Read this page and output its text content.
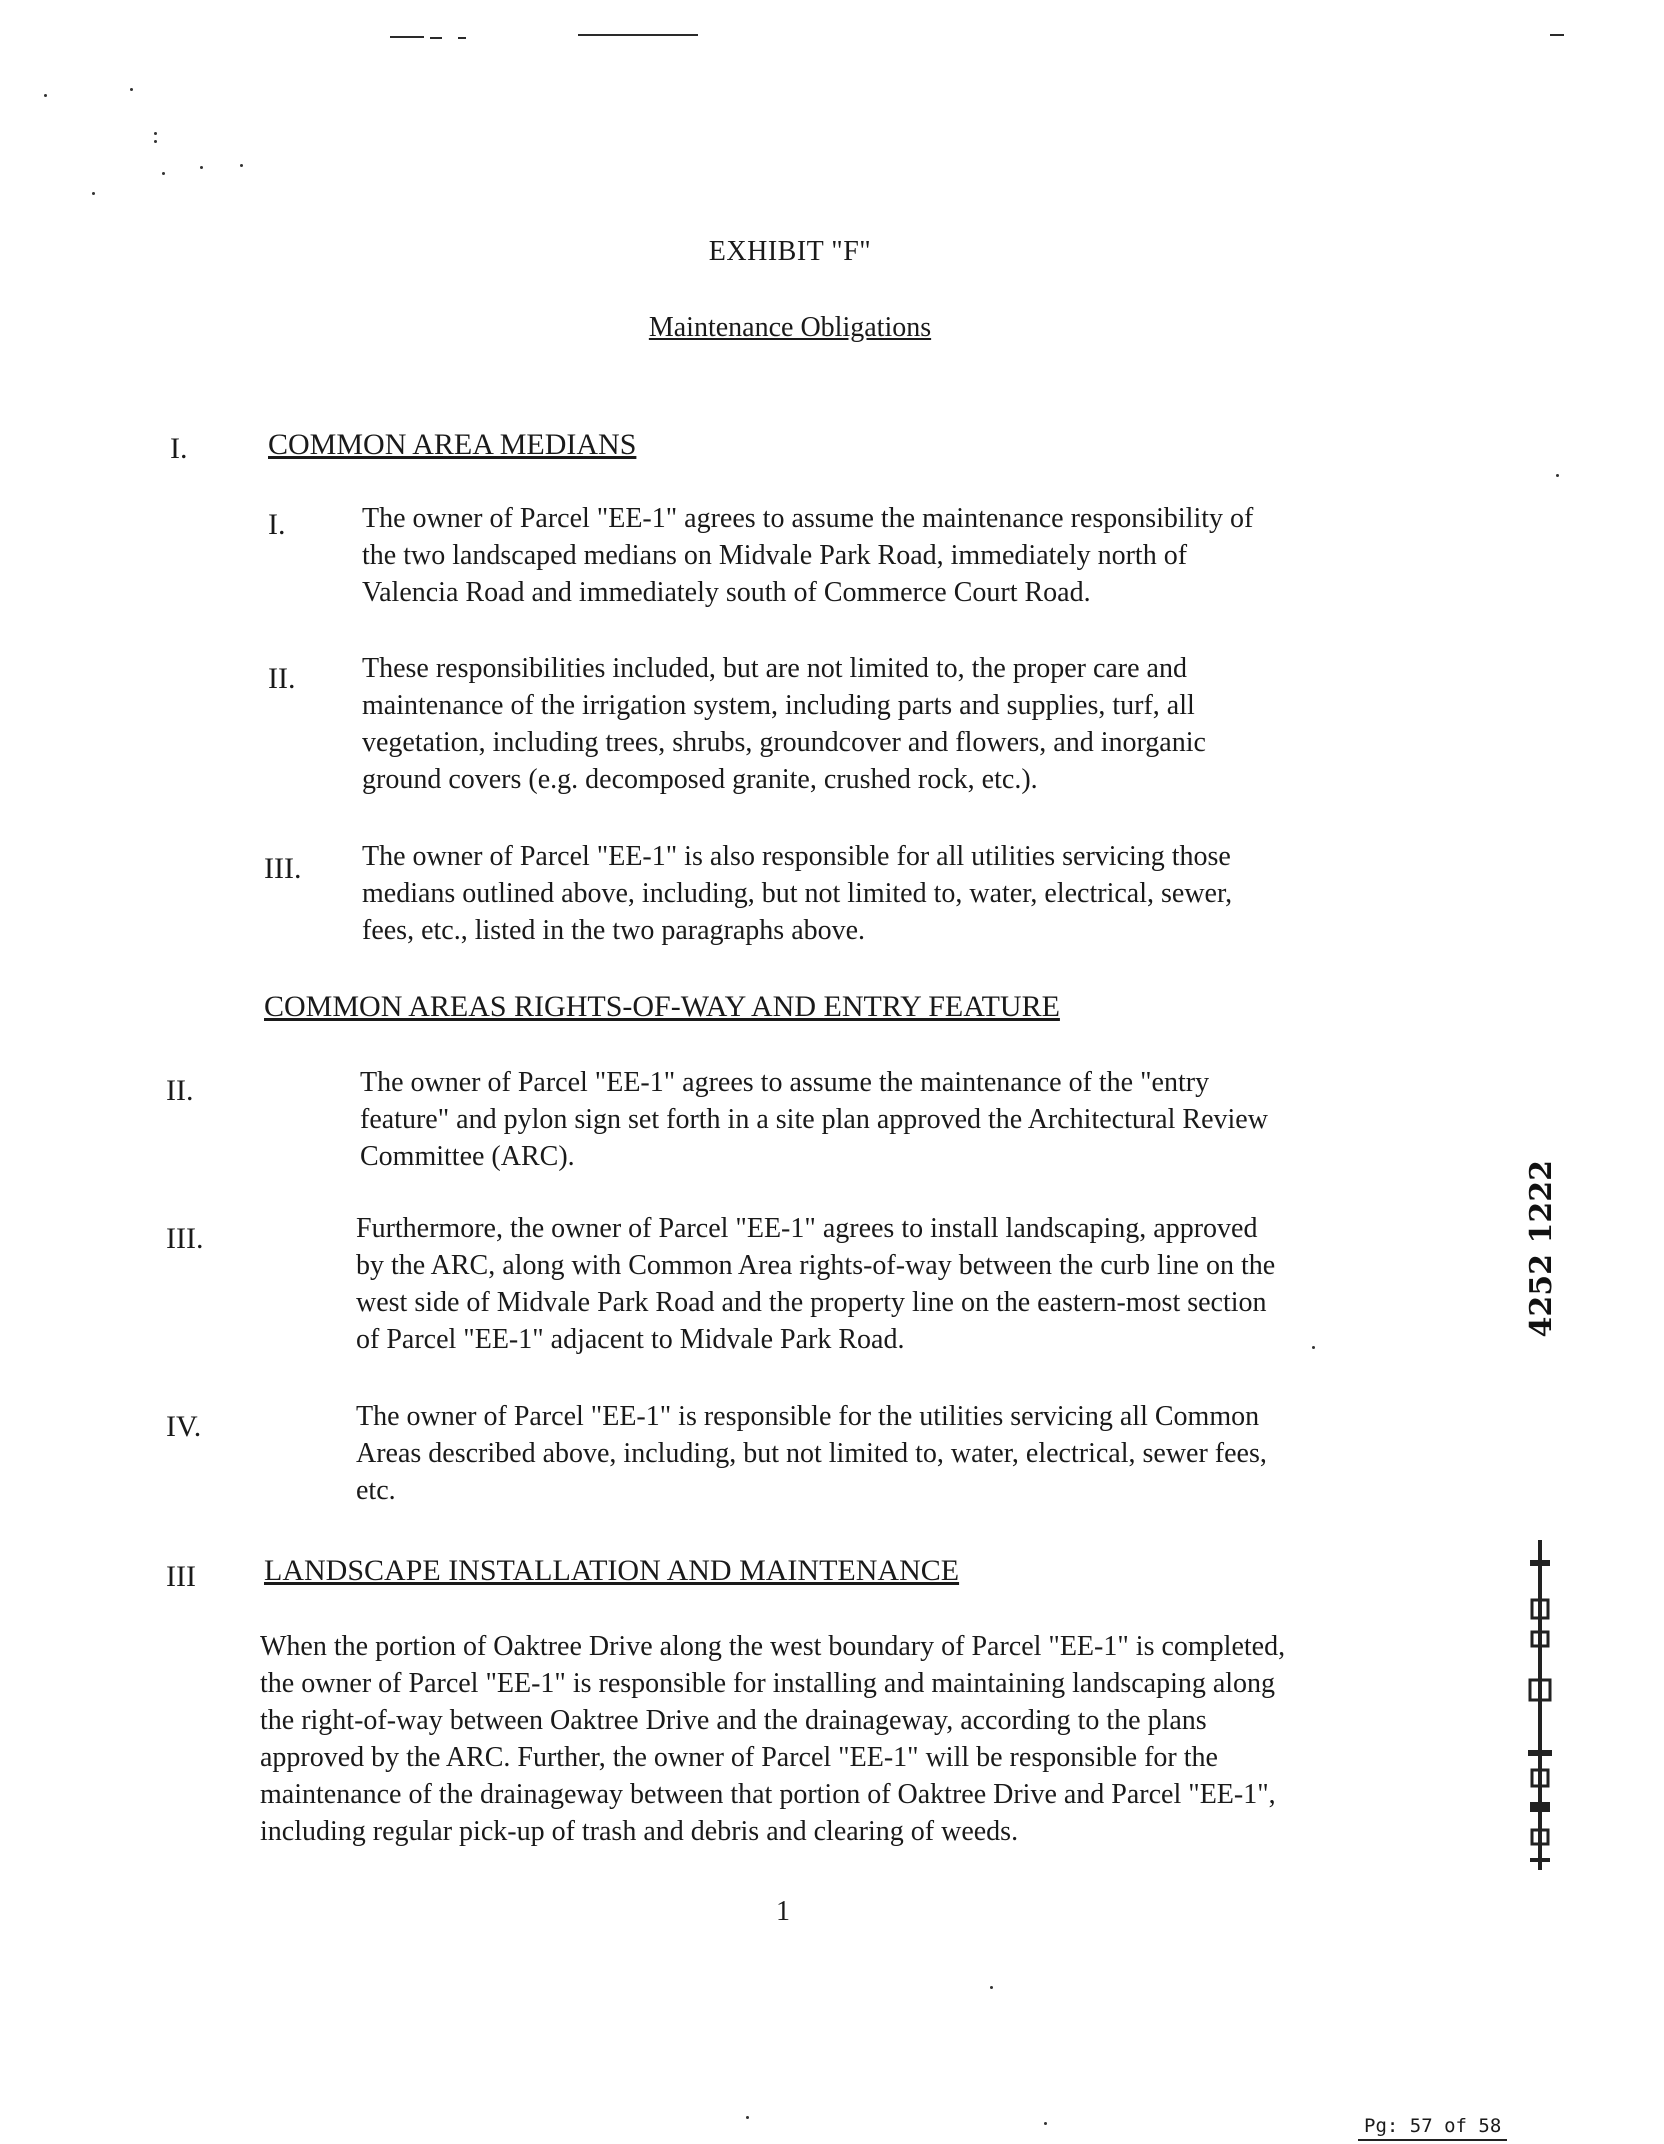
EXHIBIT "F"
Maintenance Obligations
I.	COMMON AREA MEDIANS
I.	The owner of Parcel "EE-1" agrees to assume the maintenance responsibility of
the two landscaped medians on Midvale Park Road, immediately north of
Valencia Road and immediately south of Commerce Court Road.
II. These responsibilities included, but are not limited to, the proper care and
maintenance of the irrigation system, including parts and supplies, turf, all
vegetation, including trees, shrubs, groundcover and flowers, and inorganic
ground covers (e.g. decomposed granite, crushed rock, etc.).
III. The owner of Parcel "EE-1" is also responsible for all utilities servicing those
medians outlined above, including, but not limited to, water, electrical, sewer,
fees, etc., listed in the two paragraphs above.
COMMON AREAS RIGHTS-OF-WAY AND ENTRY FEATURE
II.	The owner of Parcel "EE-1" agrees to assume the maintenance of the "entry
feature" and pylon sign set forth in a site plan approved the Architectural Review
Committee (ARC).
III.	Furthermore, the owner of Parcel "EE-1" agrees to install landscaping, approved
by the ARC, along with Common Area rights-of-way between the curb line on the
west side of Midvale Park Road and the property line on the eastern-most section
of Parcel "EE-1" adjacent to Midvale Park Road.
IV.	The owner of Parcel "EE-1" is responsible for the utilities servicing all Common
Areas described above, including, but not limited to, water, electrical, sewer fees,
etc.
III LANDSCAPE INSTALLATION AND MAINTENANCE
When the portion of Oaktree Drive along the west boundary of Parcel "EE-1" is completed,
the owner of Parcel "EE-1" is responsible for installing and maintaining landscaping along
the right-of-way between Oaktree Drive and the drainageway, according to the plans
approved by the ARC. Further, the owner of Parcel "EE-1" will be responsible for the
maintenance of the drainageway between that portion of Oaktree Drive and Parcel "EE-1",
including regular pick-up of trash and debris and clearing of weeds.
1
4252 1222
Pg: 57 of 58
